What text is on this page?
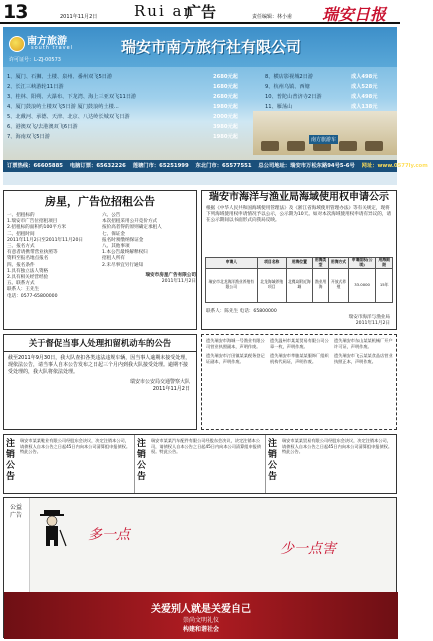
13	2011年11月2日 Rui an
广告	责任编辑：林小甫 瑞安日报
南方旅游
south travel
许可证号：L-ZJ-00573
瑞安市南方旅行社有限公司
1、厦门、石狮、土楼、泉州、番州双飞5日游	2680元起
2、长江三峡游轮11日游	1680元起
3、桂林、阳朔、大瀑布、下龙湾、海上三亚双飞11日游	2680元起
4、厦门鼓浪屿土楼双飞5日游 厦门鼓浪屿土楼...	1980元起
5、北戴河、承德、天津、北京、八达岭长城双飞日游	2000元起
6、港澳双飞/去港澳双飞6日游	3980元起
7、海南双飞5日游	1980元起
8、横店影视城2日游	成人498元
9、杭州乌镇、西塘	成人528元
10、普陀山普济寺2日游	成人498元
11、雁荡山	成人138元
南方旅游车
订票热线：66605885 电脑订票：65632226 莲塘门市：65251999 东北门市：65577551 总公司地址：瑞安市万松东路94号5-6号 网址：www.0577ly.com
房星，广告位招租公告
一、招租标的
1.瑞安市广告位招租项目
2.招租标的面积约100平方米
二、招租时间
2011年11月2日至2011年11月20日
三、报名方式
有意者请携带营业执照等
资料至报名地点报名
四、报名条件
1.具有独立法人资格
2.具有相关经营经验
五、联系方式
联系人：王先生
电话：0577-65800000
六、公告
本次招租采用公开竞价方式
按价高者得的原则确定承租人
七、保证金
报名时须缴纳保证金
八、其他事项
1.本公告最终解释权归
招租人所有
2.未尽事宜另行通知
瑞安市房星广告有限公司
2011年11月2日
瑞安市海洋与渔业局海域使用权申请公示
根据《中华人民共和国海域使用管理法》及《浙江省海域使用管理办法》等有关规定，现将下列海域使用权申请情况予以公示，公示期为10天。如对本次海域使用权申请有异议的，请在公示期间以书面形式向我局反映。
申请人	项目名称	用海位置	用海类型	用海方式	申请面积(公顷)	用海期限
瑞安市北龙海洋渔业养殖有限公司	北龙海域养殖项目	北麂岛附近海域	渔业用海	开放式养殖	33.0000	15年
联系人：陈先生 电话：65800000
瑞安市海洋与渔业局
2011年11月2日
关于督促当事人处理扣留机动车的公告
截至2011年9月30日，我大队查扣各类违法违规车辆，因当事人逾期未接受处理，现依法公告，请当事人自本公告发布之日起三个月内到我大队接受处理。逾期不接受处理的，我大队将依法处理。
瑞安市公安局交通警察大队
2011年11月2日

遗失瑞安市海城一号渔业有限公司营业执照副本，声明作废。

遗失瑞安市汀田镇某某税务登记证副本，声明作废。

遗失温州市某某贸易有限公司公章一枚，声明作废。

遗失瑞安市莘塍某某服饰厂组织机构代码证，声明作废。

遗失瑞安市东山某某机械厂开户许可证，声明作废。

遗失瑞安市飞云某某食品店营业执照正本，声明作废。

注销公告
瑞安市某某鞋业有限公司经股东会决议，决定注销本公司，请债权人自本公告之日起45日内向本公司清算组申报债权。特此公告。
注销公告
瑞安市某某汽车配件有限公司经股东会决议，决定注销本公司，请债权人自本公告之日起45日内向本公司清算组申报债权。特此公告。
注销公告
瑞安市某某贸易有限公司经股东会决议，决定注销本公司，请债权人自本公告之日起45日内向本公司清算组申报债权。特此公告。
公益广告
多一点
少一点害
关爱别人就是关爱自己
崇尚文明礼仪
构建和谐社会
